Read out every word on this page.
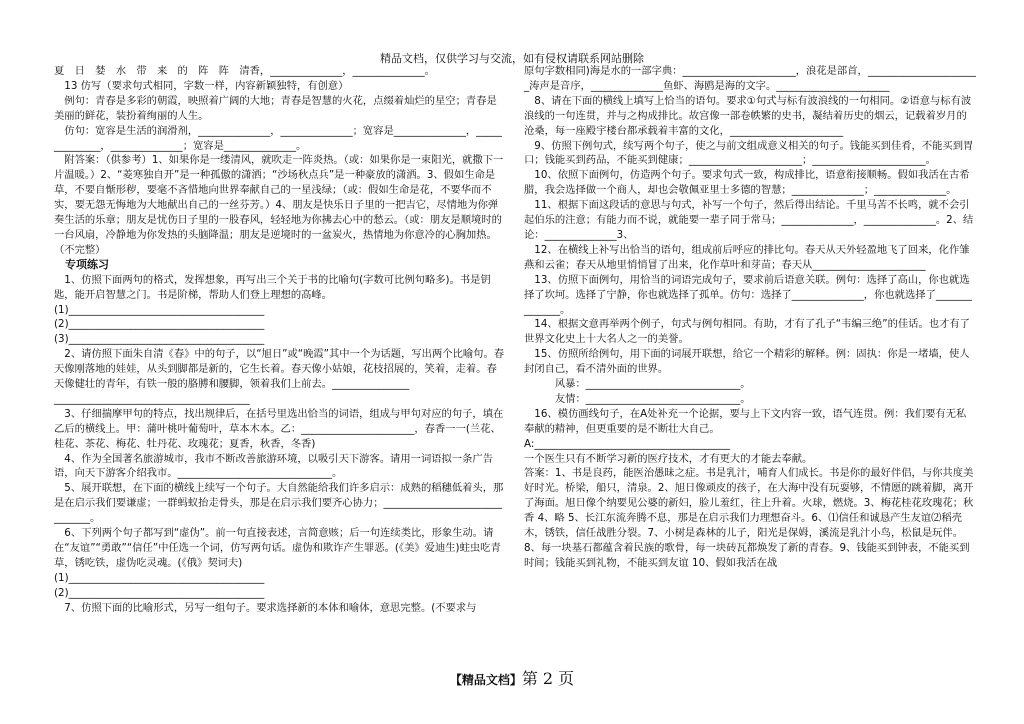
精品文档，仅供学习与交流，如有侵权请联系网站删除

夏　日　婪　水　带　来　的　阵　阵　清香，______________，______________。

　13 仿写（要求句式相同，字数一样，内容新颖独特，有创意）

　例句：青春是多彩的朝霞，映照着广阔的大地；青春是智慧的火花，点缀着灿烂的星空；青春是美丽的鲜花，装扮着绚丽的人生。

　仿句：宽容是生活的润滑剂，______________，______________；宽容是______________，______________，______________；宽容是______________。

　附答案：（供参考）1、如果你是一缕清风，就吹走一阵炎热。（或：如果你是一束阳光，就撒下一片温暖。）2、“菱寒独自开”是一种孤傲的潇洒；“沙场秋点兵”是一种豪放的潇洒。3、假如生命是草，不要自惭形秽，要毫不吝惜地向世界奉献自己的一星浅绿；（或：假如生命是花，不要华而不实，要无怨无悔地为大地献出自己的一丝芬芳。）4、朋友是快乐日子里的一把吉它，尽情地为你弹奏生活的乐章；朋友是忧伤日子里的一股春风，轻轻地为你拂去心中的愁云。（或：朋友是顺境时的一台风扇，冷静地为你发热的头脑降温；朋友是逆境时的一盆炭火，热情地为你意冷的心胸加热。（不完整）

　专项练习

　1、仿照下面两句的格式，发挥想象，再写出三个关于书的比喻句(字数可比例句略多)。书是钥匙，能开启智慧之门。书是阶梯，帮助人们登上理想的高峰。

(1)______________________________________

(2)______________________________________

(3)______________________________________

　2、请仿照下面朱自清《春》中的句子，以“旭日”或“晚霞”其中一个为话题，写出两个比喻句。春天像刚落地的娃娃，从头到脚都是新的，它生长着。春天像小姑娘，花枝招展的，笑着，走着。春天像健壮的青年，有铁一般的胳膊和腰脚，领着我们上前去。_______________

______________________________________

　3、仔细揣摩甲句的特点，找出规律后，在括号里选出恰当的词语，组成与甲句对应的句子，填在乙后的横线上。甲：蒲叶桃叶葡萄叶，草本木本。乙：______________________，春香一一(兰花、桂花、茶花、梅花、牡丹花、玫瑰花；夏香，秋香，冬香)

　4、作为全国著名旅游城市，我市不断改善旅游环境，以吸引天下游客。请用一词语拟一条广告语，向天下游客介绍我市。______________________________。

　5、展开联想，在下面的横线上续写一个句子。大自然能给我们许多启示：成熟的稻穗低着头，那是在启示我们要谦虚；一群蚂蚁抬走骨头，那是在启示我们要齐心协力；______________________________。

　6、下列两个句子都写到“虚伪”。前一句直接表述，言简意赅；后一句连续类比，形象生动。请在“友谊”“勇敢”“信任”中任选一个词，仿写两句话。虚伪和欺诈产生罪恶。(《美》爱迪生)蛀虫吃青草，锈吃铁，虚伪吃灵魂。(《俄》契诃夫)

(1)______________________________________

(2)______________________________________

　7、仿照下面的比喻形式，另写一组句子。要求选择新的本体和喻体，意思完整。(不要求与

原句字数相同)海是水的一部字典：______________________，浪花是部首，______________________涛声是音序，______________鱼虾、海鸥是海的文字。______________________

　8、请在下面的横线上填写上恰当的语句。要求①句式与标有波浪线的一句相同。②语意与标有波浪线的一句连贯，并与之构成排比。故宫像一部卷帙繁的史书，凝结着历史的烟云，记载着岁月的沧桑，每一座殿宇楼台都承载着丰富的文化，______________________

　9、仿照下例句式，续写两个句子，使之与前文组成意义相关的句子。钱能买到佳肴，不能买到胃口；钱能买到药品，不能买到健康；______________________；______________________。

　10、依照下面例句，仿造两个句子。要求句式一致，构成排比，语意衔接顺畅。假如我活在古希腊，我会选择做一个商人，却也会敬佩亚里士多德的智慧；______________；______________。

　11、根据下面这段话的意思与句式，补写一个句子，然后得出结论。千里马苦不长鸣，就不会引起伯乐的注意；有能力而不说，就能要一辈子同于常马；______________，______________。2、结论：______________3、

　12、在横线上补写出恰当的语句，组成前后呼应的排比句。春天从天外轻盈地飞了回来，化作雏燕和云雀；春天从地里悄悄冒了出来，化作草叶和芽苗；春天从______________________

　13、仿照下面例句，用恰当的词语完成句子，要求前后语意关联。例句：选择了高山，你也就选择了坎坷。选择了宁静，你也就选择了孤单。仿句：选择了______________，你也就选择了______________。

　14、根据文意再举两个例子，句式与例句相同。有助，才有了孔子“韦编三绝”的佳话。也才有了世界文化史上十大名人之一的美誉。

　15、仿照所给例句，用下面的词展开联想，给它一个精彩的解释。例：固执：你是一堵墙，使人封闭自己，看不清外面的世界。

　　　风暴：______________________________。

　　　友情：______________________________。

　16、模仿画线句子，在A处补充一个论据，要与上下文内容一致，语气连贯。例：我们要有无私奉献的精神，但更重要的是不断壮大自己。

A:______________________________________

一个医生只有不断学习新的医疗技术，才有更大的才能去奉献。

答案：1、书是良药，能医治愚昧之症。书是乳汁，哺育人们成长。书是你的最好伴侣，与你共度美好时光。桥梁，船只，清泉。2、旭日像顽皮的孩子，在大海中没有玩耍够，不情愿的跳着脚，离开了海面。旭日像个纳要见公婆的新妇，脸儿羞红，往上升着。火球，燃烧。3、梅花桂花玫瑰花；秋香 4、略 5、长江东流奔腾不息，那是在启示我们力理想奋斗。6、⑴信任和诚恳产生友谊⑵稻壳木，锈铁，信任战胜分裂。7、小树是森林的儿子，阳光是保姆，溪流是乳汁小鸟，松鼠是玩伴。8、每一块基石都蕴含着民族的歌骨，每一块砖瓦都焕发了新的青春。9、钱能买到钟表，不能买到时间；钱能买到礼物，不能买到友谊 10、假如我活在战

【精品文档】第 2 页
